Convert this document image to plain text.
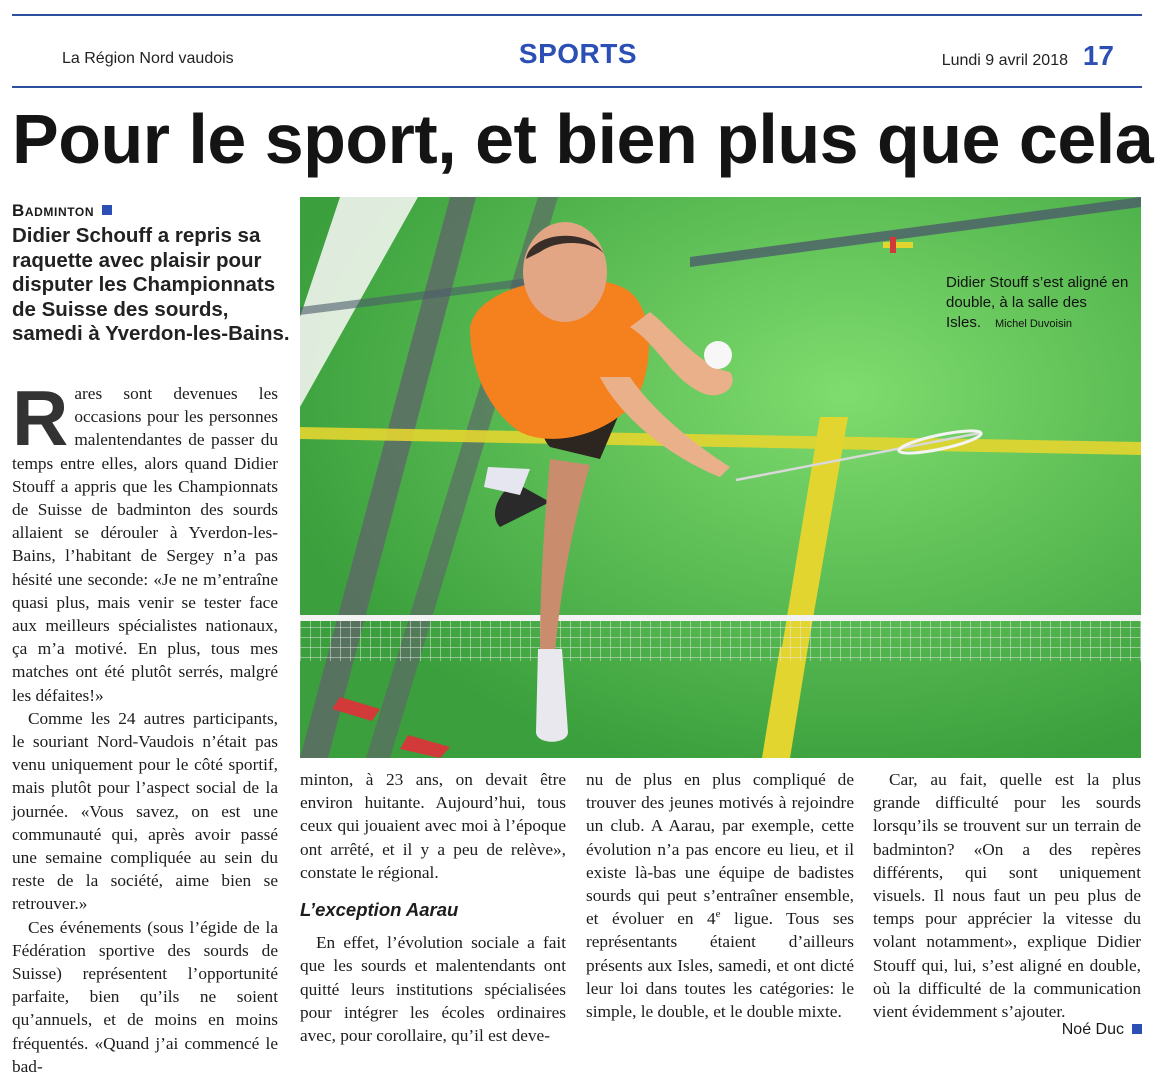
La Région Nord vaudois	SPORTS	Lundi 9 avril 2018 17
Pour le sport, et bien plus que cela
Badminton
Didier Schouff a repris sa raquette avec plaisir pour disputer les Championnats de Suisse des sourds, samedi à Yverdon-les-Bains.

Rares sont devenues les occasions pour les personnes malentendantes de passer du temps entre elles, alors quand Didier Stouff a appris que les Championnats de Suisse de badminton des sourds allaient se dérouler à Yverdon-les-Bains, l’habitant de Sergey n’a pas hésité une seconde: «Je ne m’entraîne quasi plus, mais venir se tester face aux meilleurs spécialistes nationaux, ça m’a motivé. En plus, tous mes matches ont été plutôt serrés, malgré les défaites!»

Comme les 24 autres participants, le souriant Nord-Vaudois n’était pas venu uniquement pour le côté sportif, mais plutôt pour l’aspect social de la journée. «Vous savez, on est une communauté qui, après avoir passé une semaine compliquée au sein du reste de la société, aime bien se retrouver.»

Ces événements (sous l’égide de la Fédération sportive des sourds de Suisse) représentent l’opportunité parfaite, bien qu’ils ne soient qu’annuels, et de moins en moins fréquentés. «Quand j’ai commencé le bad-

Didier Stouff s’est aligné en double, à la salle des Isles. Michel Duvoisin

minton, à 23 ans, on devait être environ huitante. Aujourd’hui, tous ceux qui jouaient avec moi à l’époque ont arrêté, et il y a peu de relève», constate le régional.

L’exception Aarau

En effet, l’évolution sociale a fait que les sourds et malentendants ont quitté leurs institutions spécialisées pour intégrer les écoles ordinaires avec, pour corollaire, qu’il est deve-

nu de plus en plus compliqué de trouver des jeunes motivés à rejoindre un club. A Aarau, par exemple, cette évolution n’a pas encore eu lieu, et il existe là-bas une équipe de badistes sourds qui peut s’entraîner ensemble, et évoluer en 4e ligue. Tous ses représentants étaient d’ailleurs présents aux Isles, samedi, et ont dicté leur loi dans toutes les catégories: le simple, le double, et le double mixte.

Car, au fait, quelle est la plus grande difficulté pour les sourds lorsqu’ils se trouvent sur un terrain de badminton? «On a des repères différents, qui sont uniquement visuels. Il nous faut un peu plus de temps pour apprécier la vitesse du volant notamment», explique Didier Stouff qui, lui, s’est aligné en double, où la difficulté de la communication vient évidemment s’ajouter.

Noé Duc
